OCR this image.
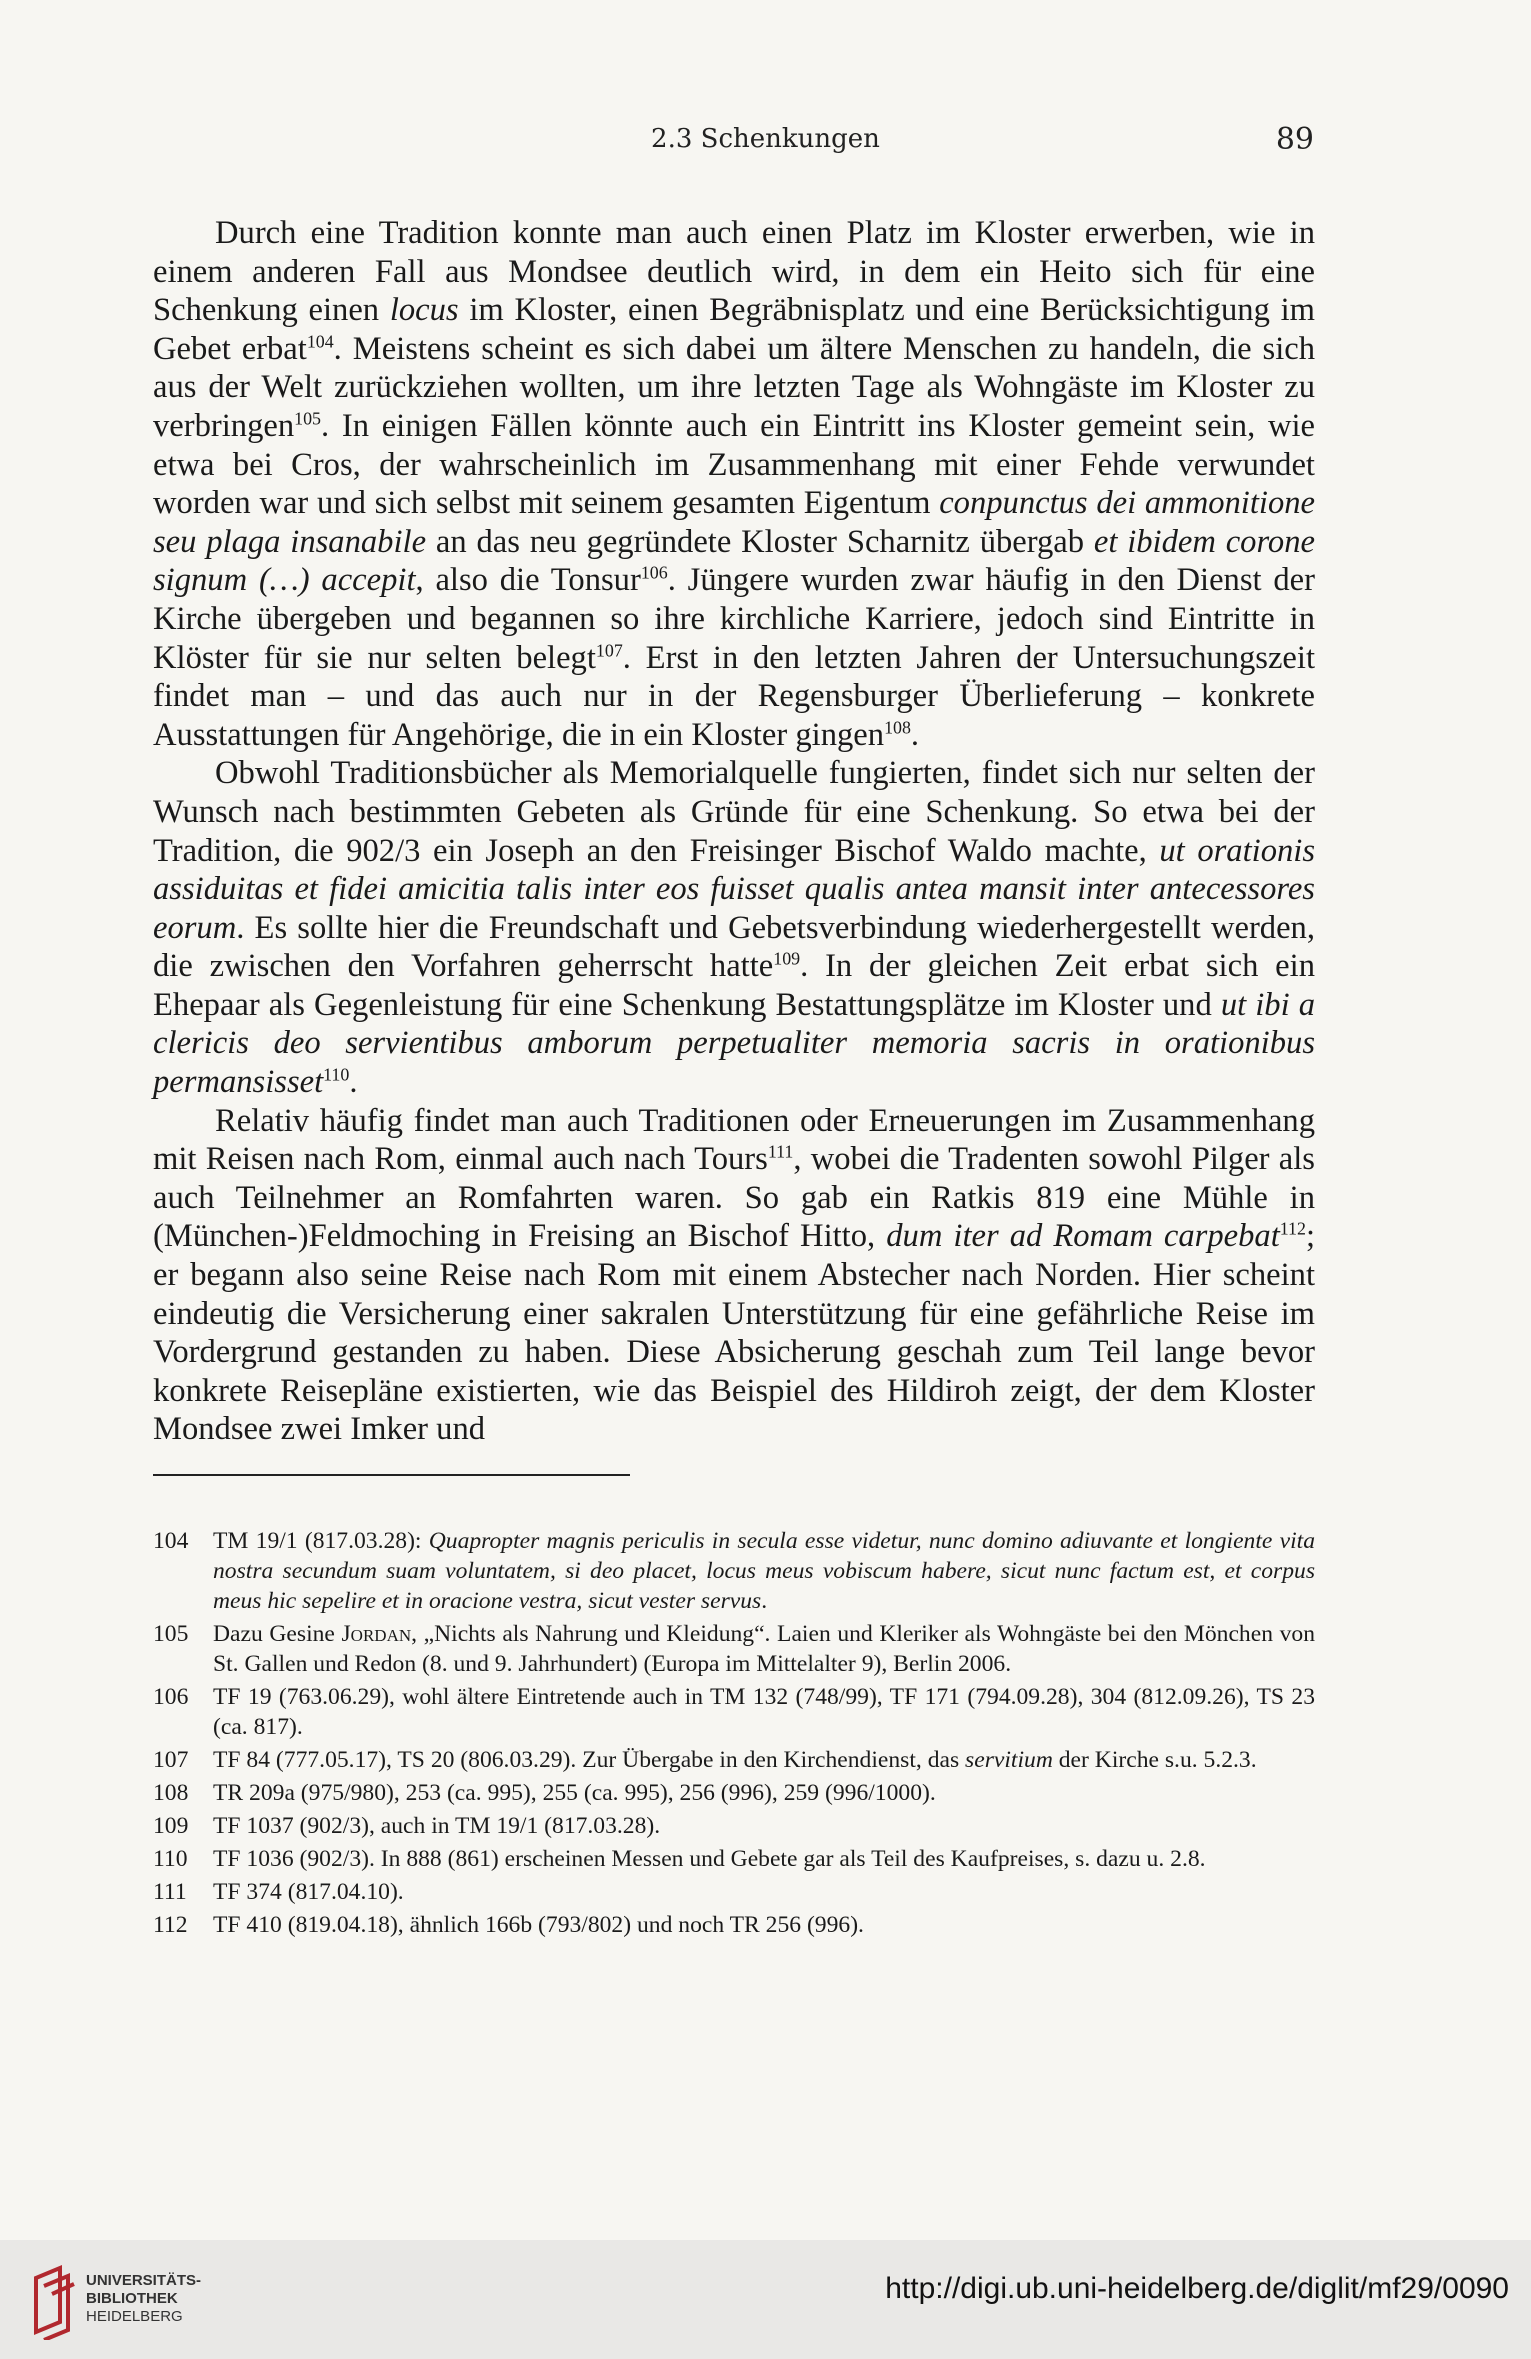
2.3 Schenkungen	89

Durch eine Tradition konnte man auch einen Platz im Kloster erwerben, wie in einem anderen Fall aus Mondsee deutlich wird, in dem ein Heito sich für eine Schenkung einen locus im Kloster, einen Begräbnisplatz und eine Berücksichtigung im Gebet erbat$^{104}$. Meistens scheint es sich dabei um ältere Menschen zu handeln, die sich aus der Welt zurückziehen wollten, um ihre letzten Tage als Wohngäste im Kloster zu verbringen$^{105}$. In einigen Fällen könnte auch ein Eintritt ins Kloster gemeint sein, wie etwa bei Cros, der wahrscheinlich im Zusammenhang mit einer Fehde verwundet worden war und sich selbst mit seinem gesamten Eigentum conpunctus dei ammonitione seu plaga insanabile an das neu gegründete Kloster Scharnitz übergab et ibidem corone signum (…) accepit, also die Tonsur$^{106}$. Jüngere wurden zwar häufig in den Dienst der Kirche übergeben und begannen so ihre kirchliche Karriere, jedoch sind Eintritte in Klöster für sie nur selten belegt$^{107}$. Erst in den letzten Jahren der Untersuchungszeit findet man – und das auch nur in der Regensburger Überlieferung – konkrete Ausstattungen für Angehörige, die in ein Kloster gingen$^{108}$.

Obwohl Traditionsbücher als Memorialquelle fungierten, findet sich nur selten der Wunsch nach bestimmten Gebeten als Gründe für eine Schenkung. So etwa bei der Tradition, die 902/3 ein Joseph an den Freisinger Bischof Waldo machte, ut orationis assiduitas et fidei amicitia talis inter eos fuisset qualis antea mansit inter antecessores eorum. Es sollte hier die Freundschaft und Gebetsverbindung wiederhergestellt werden, die zwischen den Vorfahren geherrscht hatte$^{109}$. In der gleichen Zeit erbat sich ein Ehepaar als Gegenleistung für eine Schenkung Bestattungsplätze im Kloster und ut ibi a clericis deo servientibus amborum perpetualiter memoria sacris in orationibus permansisset$^{110}$.

Relativ häufig findet man auch Traditionen oder Erneuerungen im Zusammenhang mit Reisen nach Rom, einmal auch nach Tours$^{111}$, wobei die Tradenten sowohl Pilger als auch Teilnehmer an Romfahrten waren. So gab ein Ratkis 819 eine Mühle in (München-)Feldmoching in Freising an Bischof Hitto, dum iter ad Romam carpebat$^{112}$; er begann also seine Reise nach Rom mit einem Abstecher nach Norden. Hier scheint eindeutig die Versicherung einer sakralen Unterstützung für eine gefährliche Reise im Vordergrund gestanden zu haben. Diese Absicherung geschah zum Teil lange bevor konkrete Reisepläne existierten, wie das Beispiel des Hildiroh zeigt, der dem Kloster Mondsee zwei Imker und

104	TM 19/1 (817.03.28): Quapropter magnis periculis in secula esse videtur, nunc domino adiuvante et longiente vita nostra secundum suam voluntatem, si deo placet, locus meus vobiscum habere, sicut nunc factum est, et corpus meus hic sepelire et in oracione vestra, sicut vester servus.
105	Dazu Gesine Jordan, „Nichts als Nahrung und Kleidung“. Laien und Kleriker als Wohngäste bei den Mönchen von St. Gallen und Redon (8. und 9. Jahrhundert) (Europa im Mittelalter 9), Berlin 2006.
106	TF 19 (763.06.29), wohl ältere Eintretende auch in TM 132 (748/99), TF 171 (794.09.28), 304 (812.09.26), TS 23 (ca. 817).
107	TF 84 (777.05.17), TS 20 (806.03.29). Zur Übergabe in den Kirchendienst, das servitium der Kirche s.u. 5.2.3.
108	TR 209a (975/980), 253 (ca. 995), 255 (ca. 995), 256 (996), 259 (996/1000).
109	TF 1037 (902/3), auch in TM 19/1 (817.03.28).
110	TF 1036 (902/3). In 888 (861) erscheinen Messen und Gebete gar als Teil des Kaufpreises, s. dazu u. 2.8.
111	TF 374 (817.04.10).
112	TF 410 (819.04.18), ähnlich 166b (793/802) und noch TR 256 (996).
UNIVERSITÄTS-
BIBLIOTHEK
HEIDELBERG
http://digi.ub.uni-heidelberg.de/diglit/mf29/0090
